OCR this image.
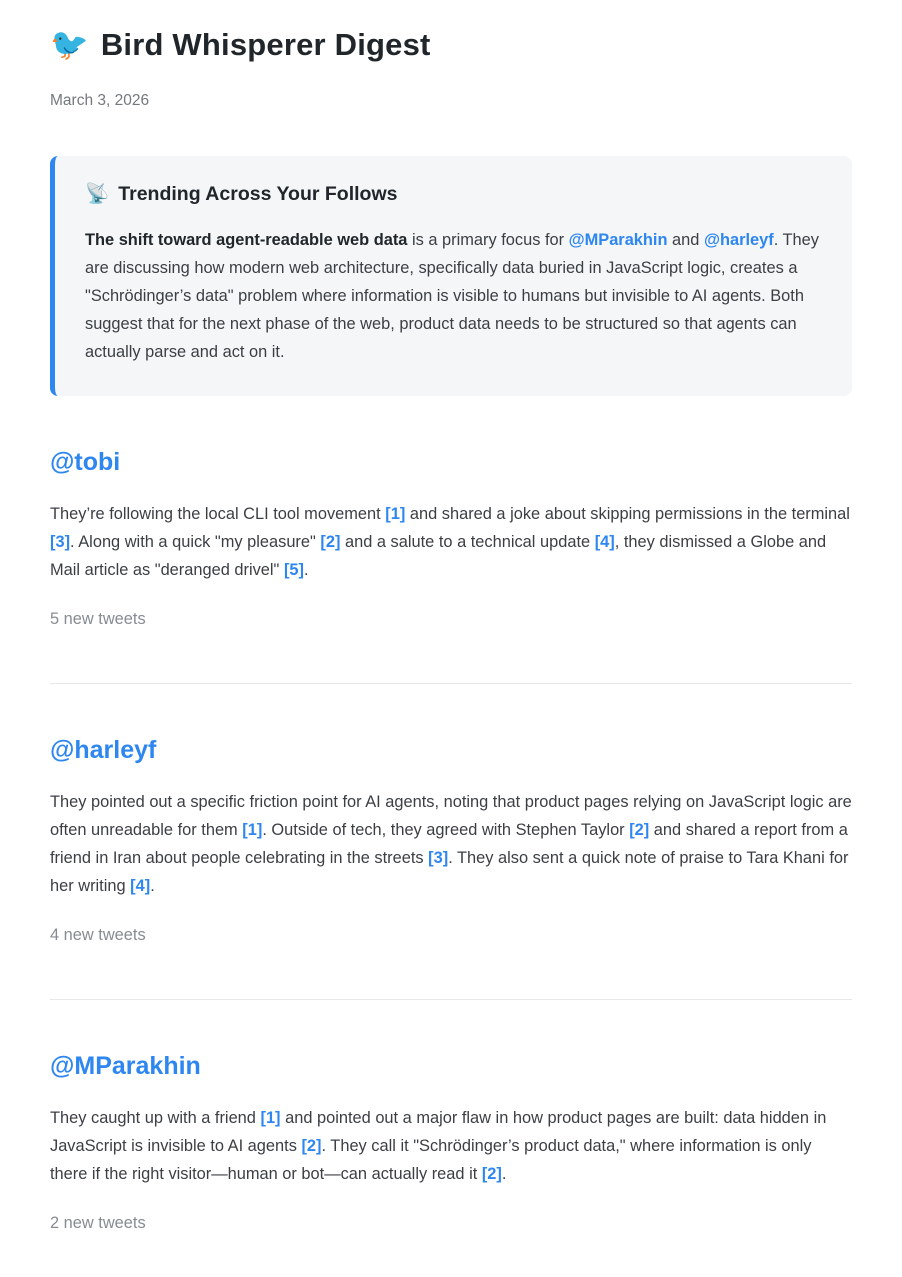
🐦 Bird Whisperer Digest
March 3, 2026
📡 Trending Across Your Follows

The shift toward agent-readable web data is a primary focus for @MParakhin and @harleyf. They are discussing how modern web architecture, specifically data buried in JavaScript logic, creates a "Schrödinger’s data" problem where information is visible to humans but invisible to AI agents. Both suggest that for the next phase of the web, product data needs to be structured so that agents can actually parse and act on it.

@tobi

They’re following the local CLI tool movement [1] and shared a joke about skipping permissions in the terminal [3]. Along with a quick "my pleasure" [2] and a salute to a technical update [4], they dismissed a Globe and Mail article as "deranged drivel" [5].

5 new tweets
@harleyf

They pointed out a specific friction point for AI agents, noting that product pages relying on JavaScript logic are often unreadable for them [1]. Outside of tech, they agreed with Stephen Taylor [2] and shared a report from a friend in Iran about people celebrating in the streets [3]. They also sent a quick note of praise to Tara Khani for her writing [4].

4 new tweets
@MParakhin

They caught up with a friend [1] and pointed out a major flaw in how product pages are built: data hidden in JavaScript is invisible to AI agents [2]. They call it "Schrödinger’s product data," where information is only there if the right visitor—human or bot—can actually read it [2].

2 new tweets
